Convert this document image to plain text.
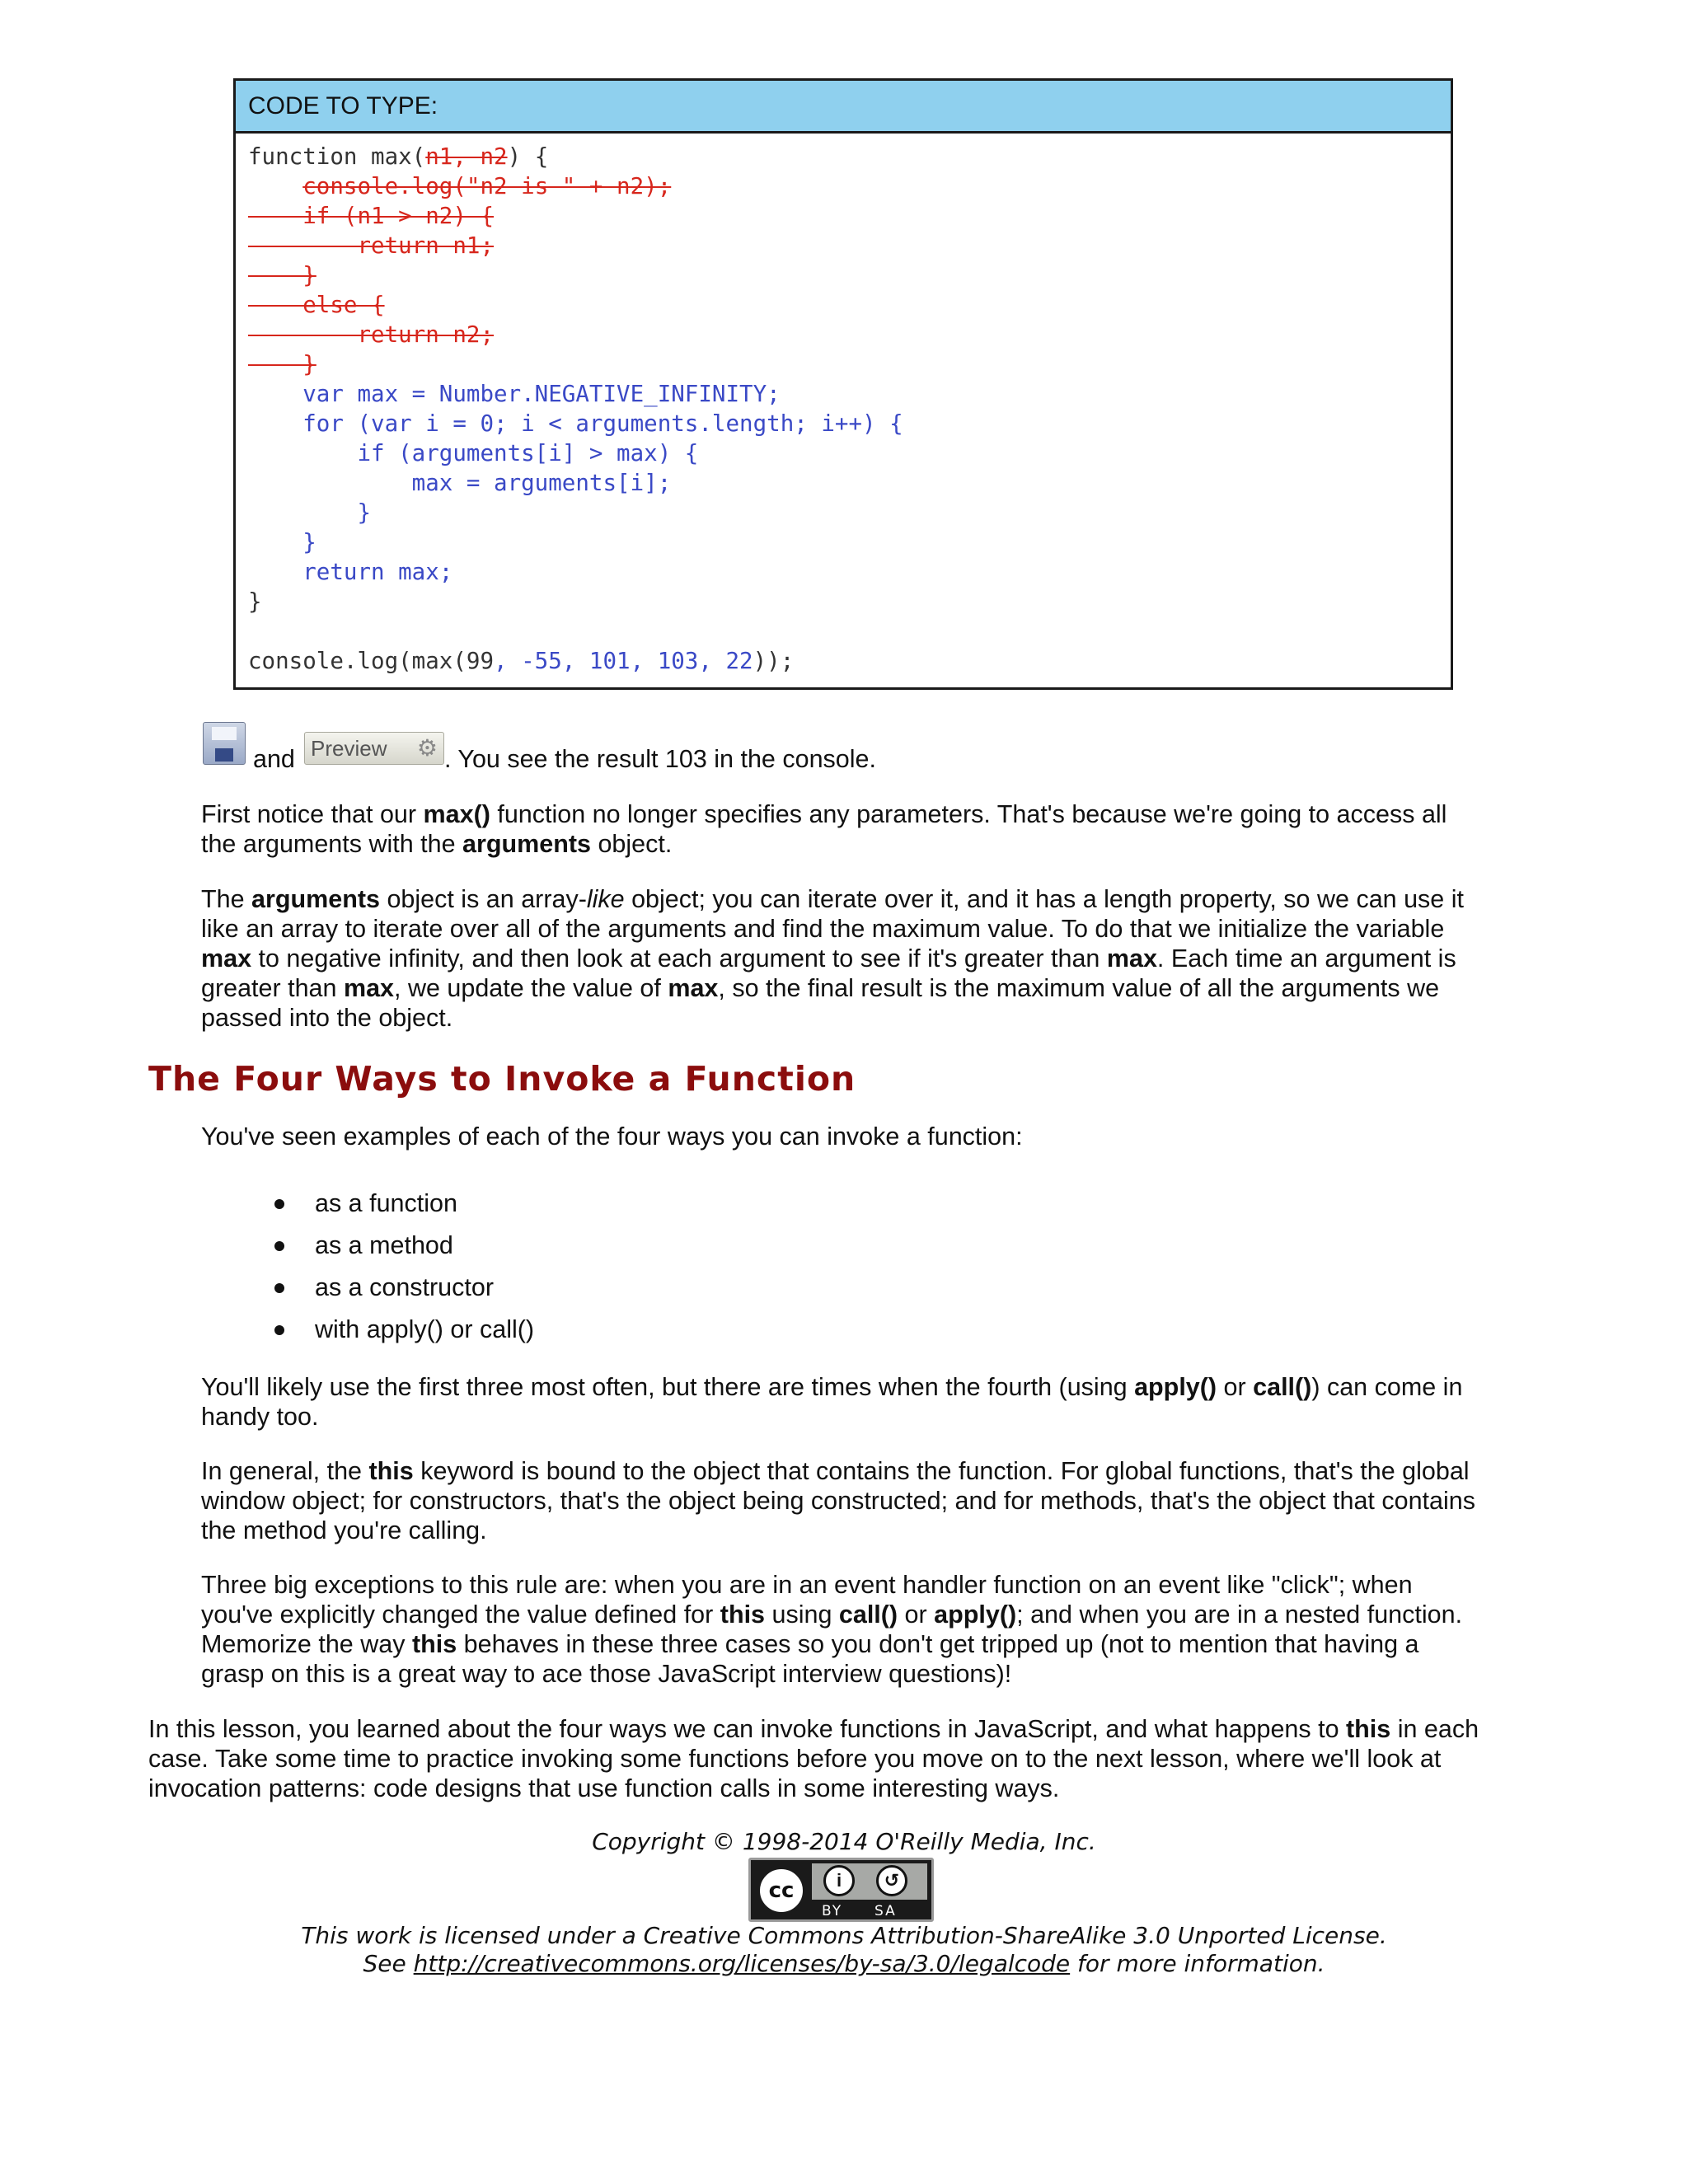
CODE TO TYPE:
function max(n1, n2) {
console.log("n2 is " + n2);
if (n1 > n2) {
return n1;
}
else {
return n2;
}
var max = Number.NEGATIVE_INFINITY;
for (var i = 0; i < arguments.length; i++) {
if (arguments[i] > max) {
max = arguments[i];
}
}
return max;
}
console.log(max(99, -55, 101, 103, 22));
and Preview ⚙ . You see the result 103 in the console.
First notice that our max() function no longer specifies any parameters. That's because we're going to access all the arguments with the arguments object.
The arguments object is an array-like object; you can iterate over it, and it has a length property, so we can use it like an array to iterate over all of the arguments and find the maximum value. To do that we initialize the variable max to negative infinity, and then look at each argument to see if it's greater than max. Each time an argument is greater than max, we update the value of max, so the final result is the maximum value of all the arguments we passed into the object.
The Four Ways to Invoke a Function
You've seen examples of each of the four ways you can invoke a function:
as a function
as a method
as a constructor
with apply() or call()
You'll likely use the first three most often, but there are times when the fourth (using apply() or call()) can come in handy too.
In general, the this keyword is bound to the object that contains the function. For global functions, that's the global window object; for constructors, that's the object being constructed; and for methods, that's the object that contains the method you're calling.
Three big exceptions to this rule are: when you are in an event handler function on an event like "click"; when you've explicitly changed the value defined for this using call() or apply(); and when you are in a nested function. Memorize the way this behaves in these three cases so you don't get tripped up (not to mention that having a grasp on this is a great way to ace those JavaScript interview questions)!
In this lesson, you learned about the four ways we can invoke functions in JavaScript, and what happens to this in each case. Take some time to practice invoking some functions before you move on to the next lesson, where we'll look at invocation patterns: code designs that use function calls in some interesting ways.
Copyright © 1998-2014 O'Reilly Media, Inc.
cc	i	↺
BY SA
This work is licensed under a Creative Commons Attribution-ShareAlike 3.0 Unported License.
See http://creativecommons.org/licenses/by-sa/3.0/legalcode for more information.
